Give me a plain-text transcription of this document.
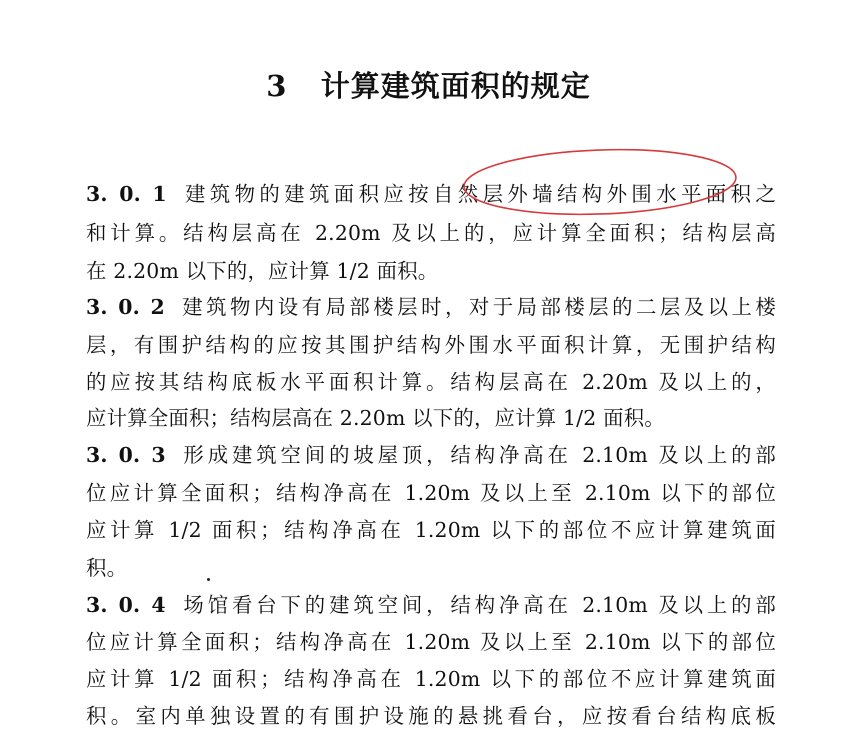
3 计算建筑面积的规定
3. 0. 1 建筑物的建筑面积应按自然层外墙结构外围水平面积之
和计算。结构层高在 2.20m 及以上的，应计算全面积；结构层高
在 2.20m 以下的，应计算 1/2 面积。
3. 0. 2 建筑物内设有局部楼层时，对于局部楼层的二层及以上楼
层，有围护结构的应按其围护结构外围水平面积计算，无围护结构
的应按其结构底板水平面积计算。结构层高在 2.20m 及以上的，
应计算全面积；结构层高在 2.20m 以下的，应计算 1/2 面积。
3. 0. 3 形成建筑空间的坡屋顶，结构净高在 2.10m 及以上的部
位应计算全面积；结构净高在 1.20m 及以上至 2.10m 以下的部位
应计算 1/2 面积；结构净高在 1.20m 以下的部位不应计算建筑面
积。
3. 0. 4 场馆看台下的建筑空间，结构净高在 2.10m 及以上的部
位应计算全面积；结构净高在 1.20m 及以上至 2.10m 以下的部位
应计算 1/2 面积；结构净高在 1.20m 以下的部位不应计算建筑面
积。室内单独设置的有围护设施的悬挑看台，应按看台结构底板
